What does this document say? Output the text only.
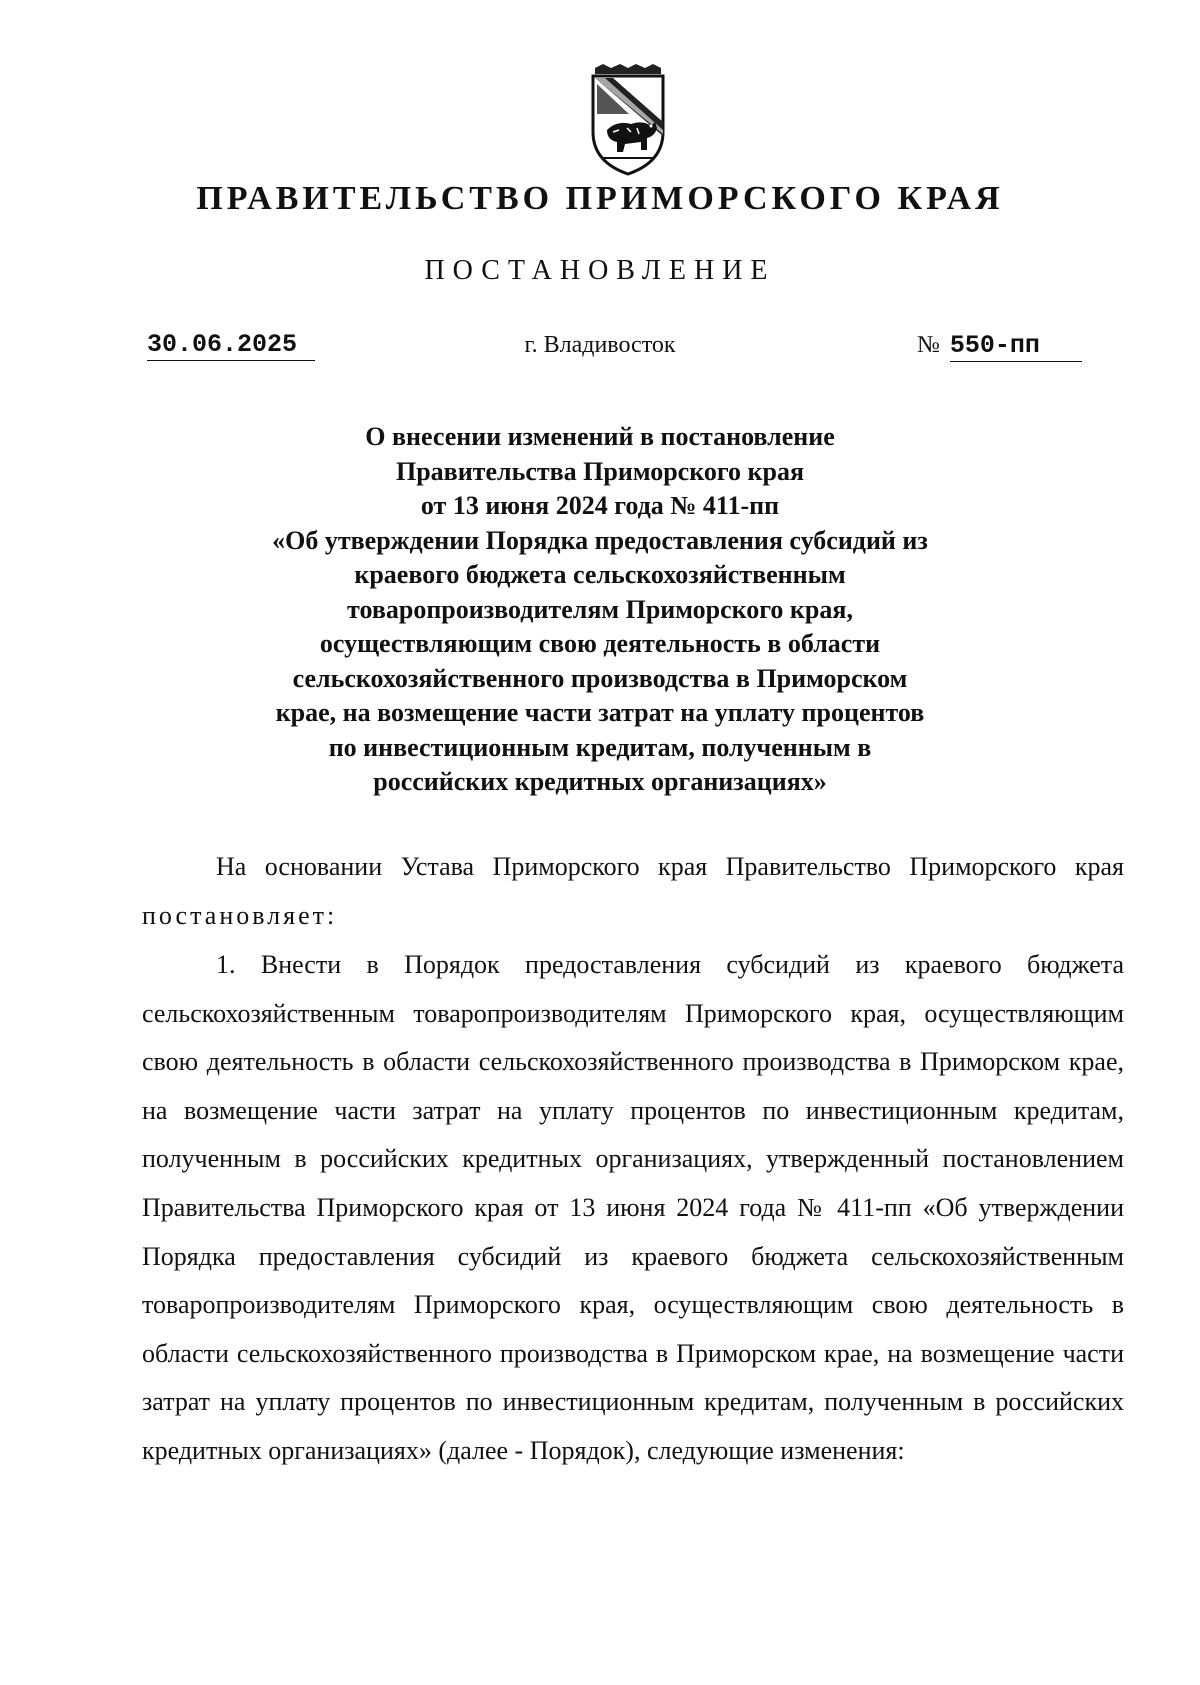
ПРАВИТЕЛЬСТВО ПРИМОРСКОГО КРАЯ
ПОСТАНОВЛЕНИЕ
30.06.2025	г. Владивосток	№ 550-пп
О внесении изменений в постановление
Правительства Приморского края
от 13 июня 2024 года № 411-пп
«Об утверждении Порядка предоставления субсидий из
краевого бюджета сельскохозяйственным
товаропроизводителям Приморского края,
осуществляющим свою деятельность в области
сельскохозяйственного производства в Приморском
крае, на возмещение части затрат на уплату процентов
по инвестиционным кредитам, полученным в
российских кредитных организациях»
На основании Устава Приморского края Правительство Приморского края постановляет:
1. Внести в Порядок предоставления субсидий из краевого бюджета сельскохозяйственным товаропроизводителям Приморского края, осуществляющим свою деятельность в области сельскохозяйственного производства в Приморском крае, на возмещение части затрат на уплату процентов по инвестиционным кредитам, полученным в российских кредитных организациях, утвержденный постановлением Правительства Приморского края от 13 июня 2024 года № 411-пп «Об утверждении Порядка предоставления субсидий из краевого бюджета сельскохозяйственным товаропроизводителям Приморского края, осуществляющим свою деятельность в области сельскохозяйственного производства в Приморском крае, на возмещение части затрат на уплату процентов по инвестиционным кредитам, полученным в российских кредитных организациях» (далее - Порядок), следующие изменения:
